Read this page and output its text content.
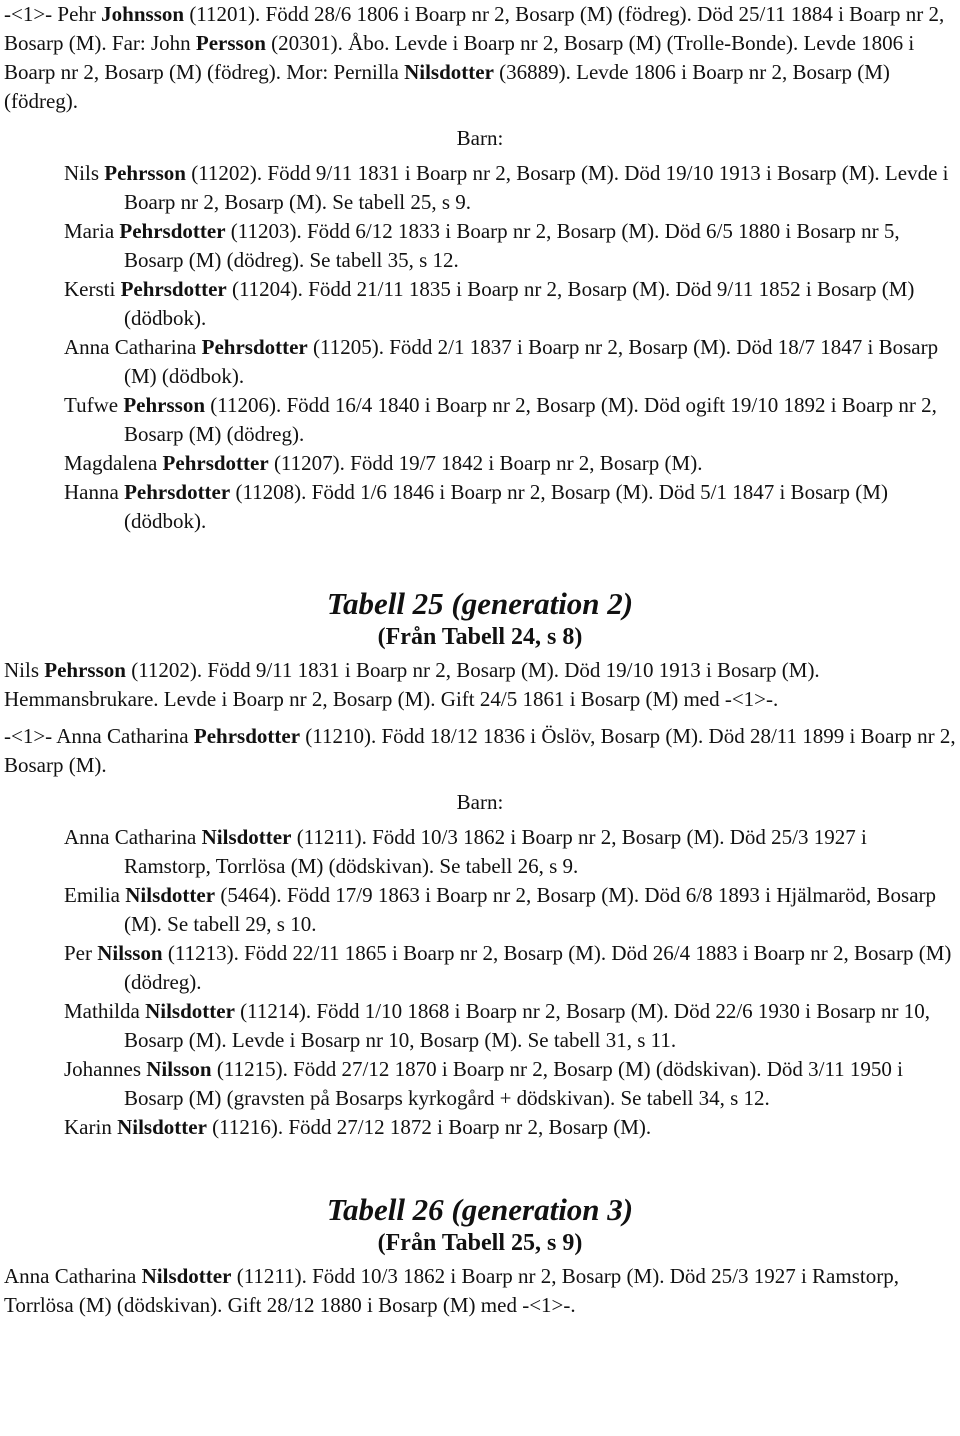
-<1>- Pehr Johnsson (11201). Född 28/6 1806 i Boarp nr 2, Bosarp (M) (födreg). Död 25/11 1884 i Boarp nr 2, Bosarp (M). Far: John Persson (20301). Åbo. Levde i Boarp nr 2, Bosarp (M) (Trolle-Bonde). Levde 1806 i Boarp nr 2, Bosarp (M) (födreg). Mor: Pernilla Nilsdotter (36889). Levde 1806 i Boarp nr 2, Bosarp (M) (födreg).

Barn:

Nils Pehrsson (11202). Född 9/11 1831 i Boarp nr 2, Bosarp (M). Död 19/10 1913 i Bosarp (M). Levde i Boarp nr 2, Bosarp (M). Se tabell 25, s 9.

Maria Pehrsdotter (11203). Född 6/12 1833 i Boarp nr 2, Bosarp (M). Död 6/5 1880 i Bosarp nr 5, Bosarp (M) (dödreg). Se tabell 35, s 12.

Kersti Pehrsdotter (11204). Född 21/11 1835 i Boarp nr 2, Bosarp (M). Död 9/11 1852 i Bosarp (M) (dödbok).

Anna Catharina Pehrsdotter (11205). Född 2/1 1837 i Boarp nr 2, Bosarp (M). Död 18/7 1847 i Bosarp (M) (dödbok).

Tufwe Pehrsson (11206). Född 16/4 1840 i Boarp nr 2, Bosarp (M). Död ogift 19/10 1892 i Boarp nr 2, Bosarp (M) (dödreg).

Magdalena Pehrsdotter (11207). Född 19/7 1842 i Boarp nr 2, Bosarp (M).

Hanna Pehrsdotter (11208). Född 1/6 1846 i Boarp nr 2, Bosarp (M). Död 5/1 1847 i Bosarp (M) (dödbok).

Tabell 25 (generation 2)
(Från Tabell 24, s 8)

Nils Pehrsson (11202). Född 9/11 1831 i Boarp nr 2, Bosarp (M). Död 19/10 1913 i Bosarp (M). Hemmansbrukare. Levde i Boarp nr 2, Bosarp (M). Gift 24/5 1861 i Bosarp (M) med -<1>-.

-<1>- Anna Catharina Pehrsdotter (11210). Född 18/12 1836 i Öslöv, Bosarp (M). Död 28/11 1899 i Boarp nr 2, Bosarp (M).

Barn:

Anna Catharina Nilsdotter (11211). Född 10/3 1862 i Boarp nr 2, Bosarp (M). Död 25/3 1927 i Ramstorp, Torrlösa (M) (dödskivan). Se tabell 26, s 9.

Emilia Nilsdotter (5464). Född 17/9 1863 i Boarp nr 2, Bosarp (M). Död 6/8 1893 i Hjälmaröd, Bosarp (M). Se tabell 29, s 10.

Per Nilsson (11213). Född 22/11 1865 i Boarp nr 2, Bosarp (M). Död 26/4 1883 i Boarp nr 2, Bosarp (M) (dödreg).

Mathilda Nilsdotter (11214). Född 1/10 1868 i Boarp nr 2, Bosarp (M). Död 22/6 1930 i Bosarp nr 10, Bosarp (M). Levde i Bosarp nr 10, Bosarp (M). Se tabell 31, s 11.

Johannes Nilsson (11215). Född 27/12 1870 i Boarp nr 2, Bosarp (M) (dödskivan). Död 3/11 1950 i Bosarp (M) (gravsten på Bosarps kyrkogård + dödskivan). Se tabell 34, s 12.

Karin Nilsdotter (11216). Född 27/12 1872 i Boarp nr 2, Bosarp (M).

Tabell 26 (generation 3)
(Från Tabell 25, s 9)

Anna Catharina Nilsdotter (11211). Född 10/3 1862 i Boarp nr 2, Bosarp (M). Död 25/3 1927 i Ramstorp, Torrlösa (M) (dödskivan). Gift 28/12 1880 i Bosarp (M) med -<1>-.
